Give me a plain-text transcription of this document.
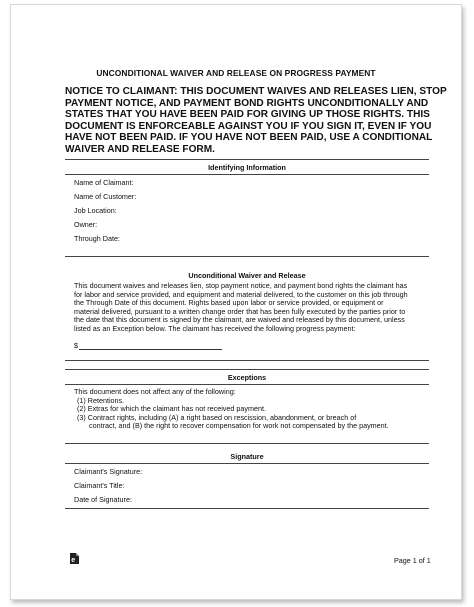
UNCONDITIONAL WAIVER AND RELEASE ON PROGRESS PAYMENT
NOTICE TO CLAIMANT: THIS DOCUMENT WAIVES AND RELEASES LIEN, STOP
PAYMENT NOTICE, AND PAYMENT BOND RIGHTS UNCONDITIONALLY AND
STATES THAT YOU HAVE BEEN PAID FOR GIVING UP THOSE RIGHTS. THIS
DOCUMENT IS ENFORCEABLE AGAINST YOU IF YOU SIGN IT, EVEN IF YOU
HAVE NOT BEEN PAID. IF YOU HAVE NOT BEEN PAID, USE A CONDITIONAL
WAIVER AND RELEASE FORM.
Identifying Information
Name of Claimant:
Name of Customer:
Job Location:
Owner:
Through Date:
Unconditional Waiver and Release
This document waives and releases lien, stop payment notice, and payment bond rights the claimant has
for labor and service provided, and equipment and material delivered, to the customer on this job through
the Through Date of this document. Rights based upon labor or service provided, or equipment or
material delivered, pursuant to a written change order that has been fully executed by the parties prior to
the date that this document is signed by the claimant, are waived and released by this document, unless
listed as an Exception below. The claimant has received the following progress payment:
$
Exceptions
This document does not affect any of the following:
(1) Retentions.
(2) Extras for which the claimant has not received payment.
(3) Contract rights, including (A) a right based on rescission, abandonment, or breach of
contract, and (B) the right to recover compensation for work not compensated by the payment.
Signature
Claimant's Signature:
Claimant's Title:
Date of Signature:
e	Page 1 of 1
